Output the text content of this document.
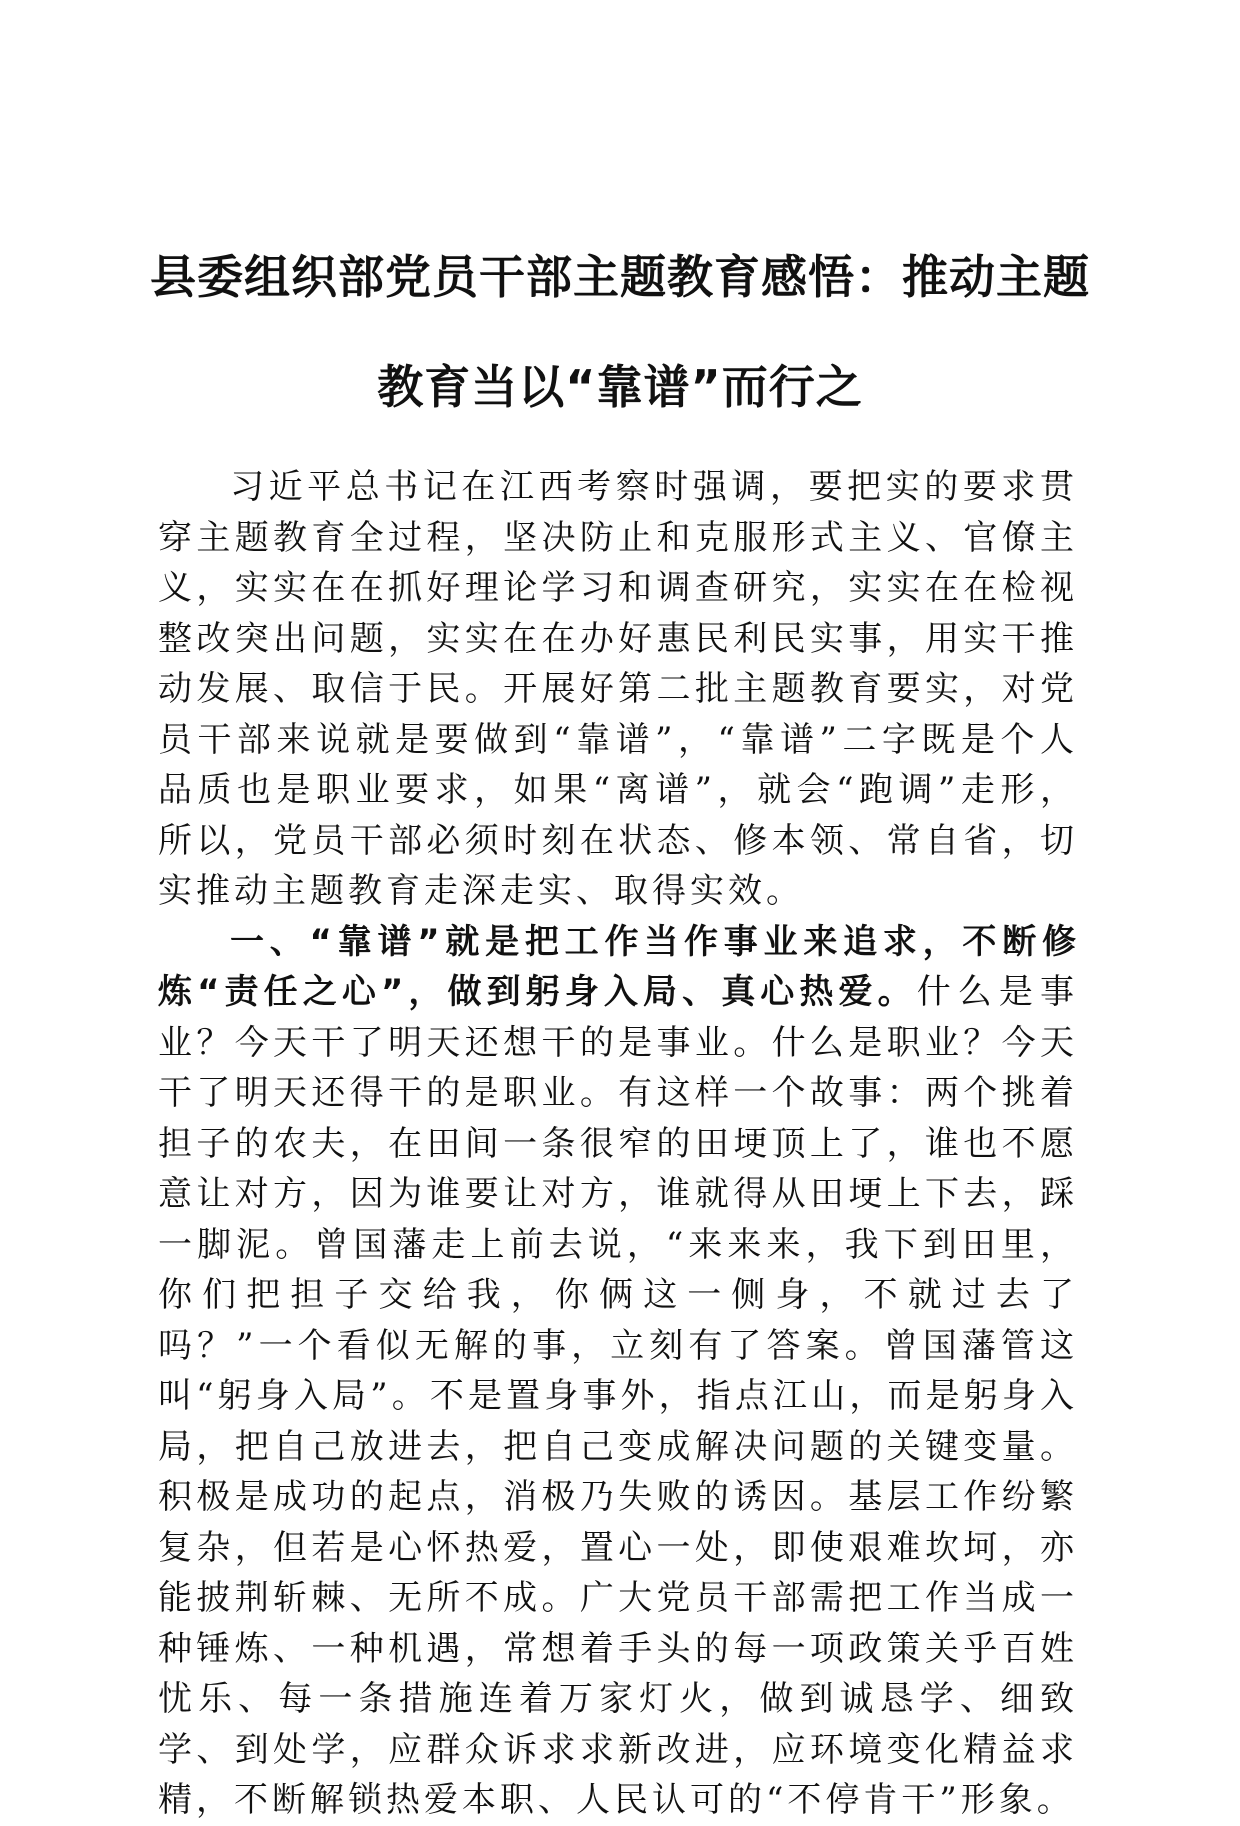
县委组织部党员干部主题教育感悟：推动主题
教育当以“靠谱”而行之

习近平总书记在江西考察时强调，要把实的要求贯穿主题教育全过程，坚决防止和克服形式主义、官僚主义，实实在在抓好理论学习和调查研究，实实在在检视整改突出问题，实实在在办好惠民利民实事，用实干推动发展、取信于民。开展好第二批主题教育要实，对党员干部来说就是要做到“靠谱”，“靠谱”二字既是个人品质也是职业要求，如果“离谱”，就会“跑调”走形，所以，党员干部必须时刻在状态、修本领、常自省，切实推动主题教育走深走实、取得实效。

一、“靠谱”就是把工作当作事业来追求，不断修炼“责任之心”，做到躬身入局、真心热爱。什么是事业？今天干了明天还想干的是事业。什么是职业？今天干了明天还得干的是职业。有这样一个故事：两个挑着担子的农夫，在田间一条很窄的田埂顶上了，谁也不愿意让对方，因为谁要让对方，谁就得从田埂上下去，踩一脚泥。曾国藩走上前去说，“来来来，我下到田里，你们把担子交给我，你俩这一侧身，不就过去了吗？”一个看似无解的事，立刻有了答案。曾国藩管这叫“躬身入局”。不是置身事外，指点江山，而是躬身入局，把自己放进去，把自己变成解决问题的关键变量。积极是成功的起点，消极乃失败的诱因。基层工作纷繁复杂，但若是心怀热爱，置心一处，即使艰难坎坷，亦能披荆斩棘、无所不成。广大党员干部需把工作当成一种锤炼、一种机遇，常想着手头的每一项政策关乎百姓忧乐、每一条措施连着万家灯火，做到诚恳学、细致学、到处学，应群众诉求求新改进，应环境变化精益求精，不断解锁热爱本职、人民认可的“不停肯干”形象。
